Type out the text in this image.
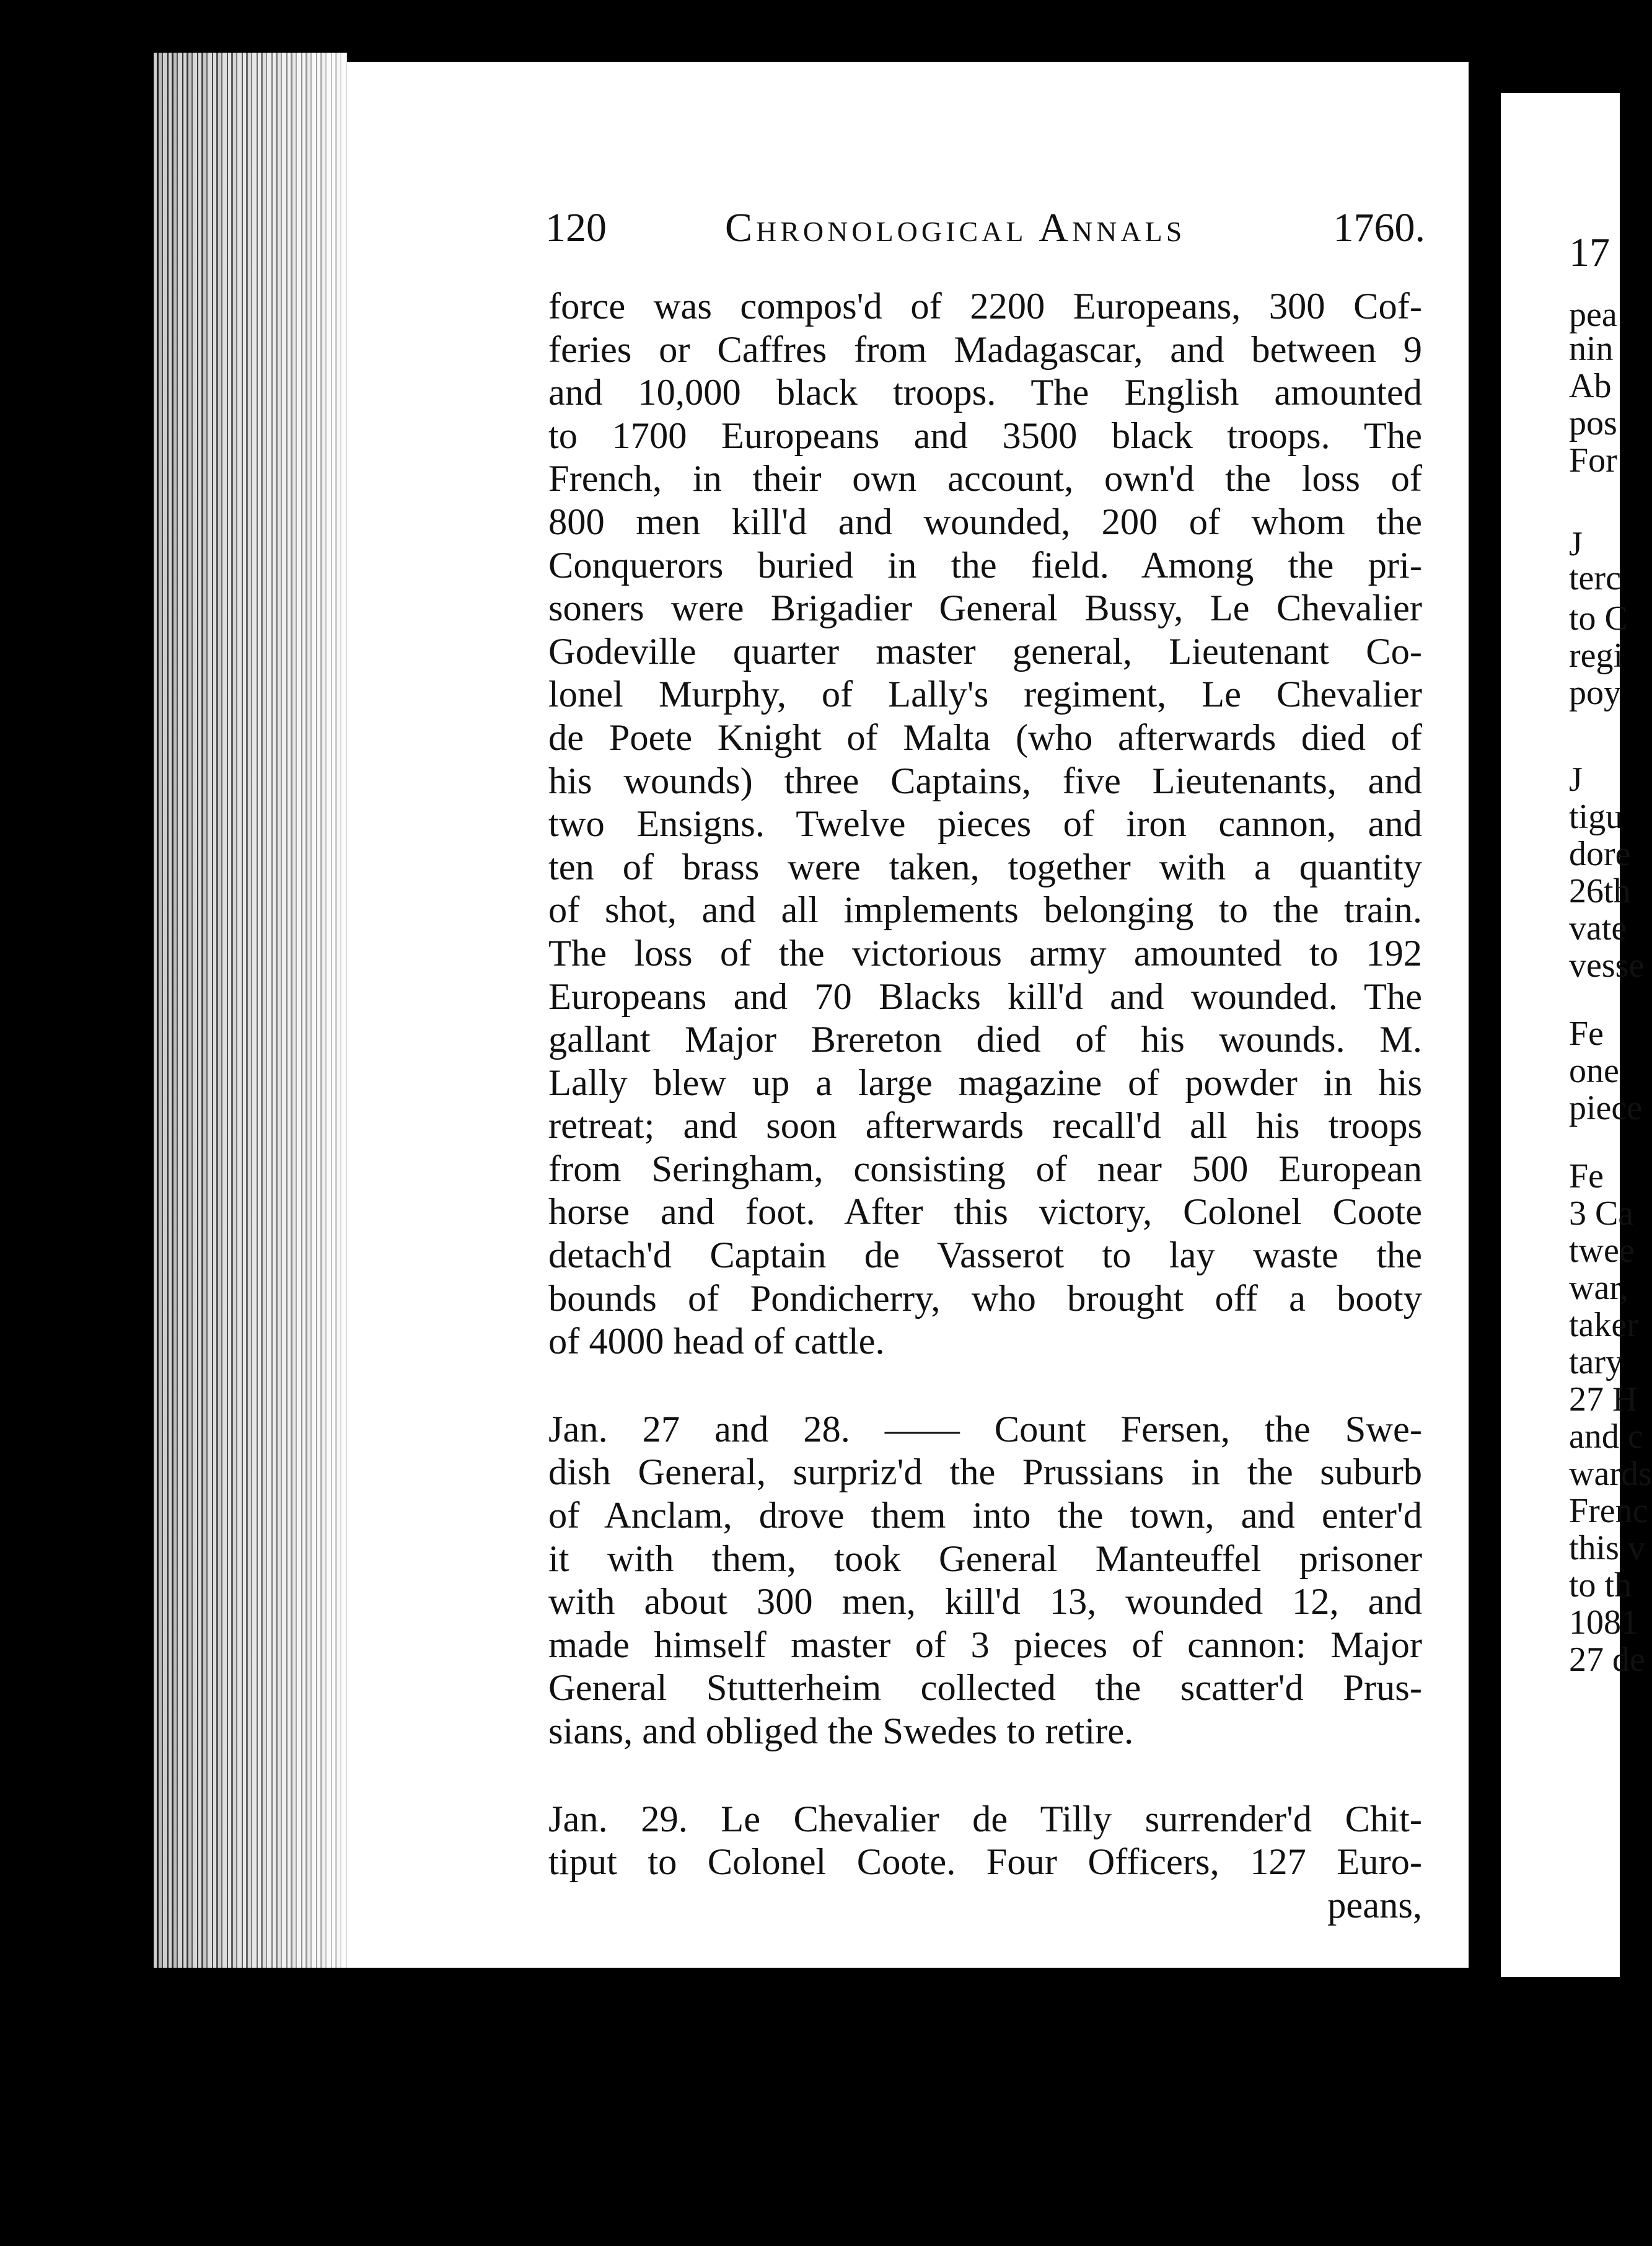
17
pea
nin
Ab
pos
For
J
terc
to C
regi
poy
J
tigu
dore
26th
vate
vesse
Fe
one
piece
Fe
3 Ca
twee
war,
taker
tary
27 H
and c
wards
Frenc
this v
to th
1081
27 de
120	Chronological Annals	1760.
force was compos'd of 2200 Europeans, 300 Cof-
feries or Caffres from Madagascar, and between 9
and 10,000 black troops. The English amounted
to 1700 Europeans and 3500 black troops. The
French, in their own account, own'd the loss of
800 men kill'd and wounded, 200 of whom the
Conquerors buried in the field. Among the pri-
soners were Brigadier General Bussy, Le Chevalier
Godeville quarter master general, Lieutenant Co-
lonel Murphy, of Lally's regiment, Le Chevalier
de Poete Knight of Malta (who afterwards died of
his wounds) three Captains, five Lieutenants, and
two Ensigns. Twelve pieces of iron cannon, and
ten of brass were taken, together with a quantity
of shot, and all implements belonging to the train.
The loss of the victorious army amounted to 192
Europeans and 70 Blacks kill'd and wounded. The
gallant Major Brereton died of his wounds. M.
Lally blew up a large magazine of powder in his
retreat; and soon afterwards recall'd all his troops
from Seringham, consisting of near 500 European
horse and foot. After this victory, Colonel Coote
detach'd Captain de Vasserot to lay waste the
bounds of Pondicherry, who brought off a booty
of 4000 head of cattle.
Jan. 27 and 28. —— Count Fersen, the Swe-
dish General, surpriz'd the Prussians in the suburb
of Anclam, drove them into the town, and enter'd
it with them, took General Manteuffel prisoner
with about 300 men, kill'd 13, wounded 12, and
made himself master of 3 pieces of cannon: Major
General Stutterheim collected the scatter'd Prus-
sians, and obliged the Swedes to retire.
Jan. 29. Le Chevalier de Tilly surrender'd Chit-
tiput to Colonel Coote. Four Officers, 127 Euro-
peans,
